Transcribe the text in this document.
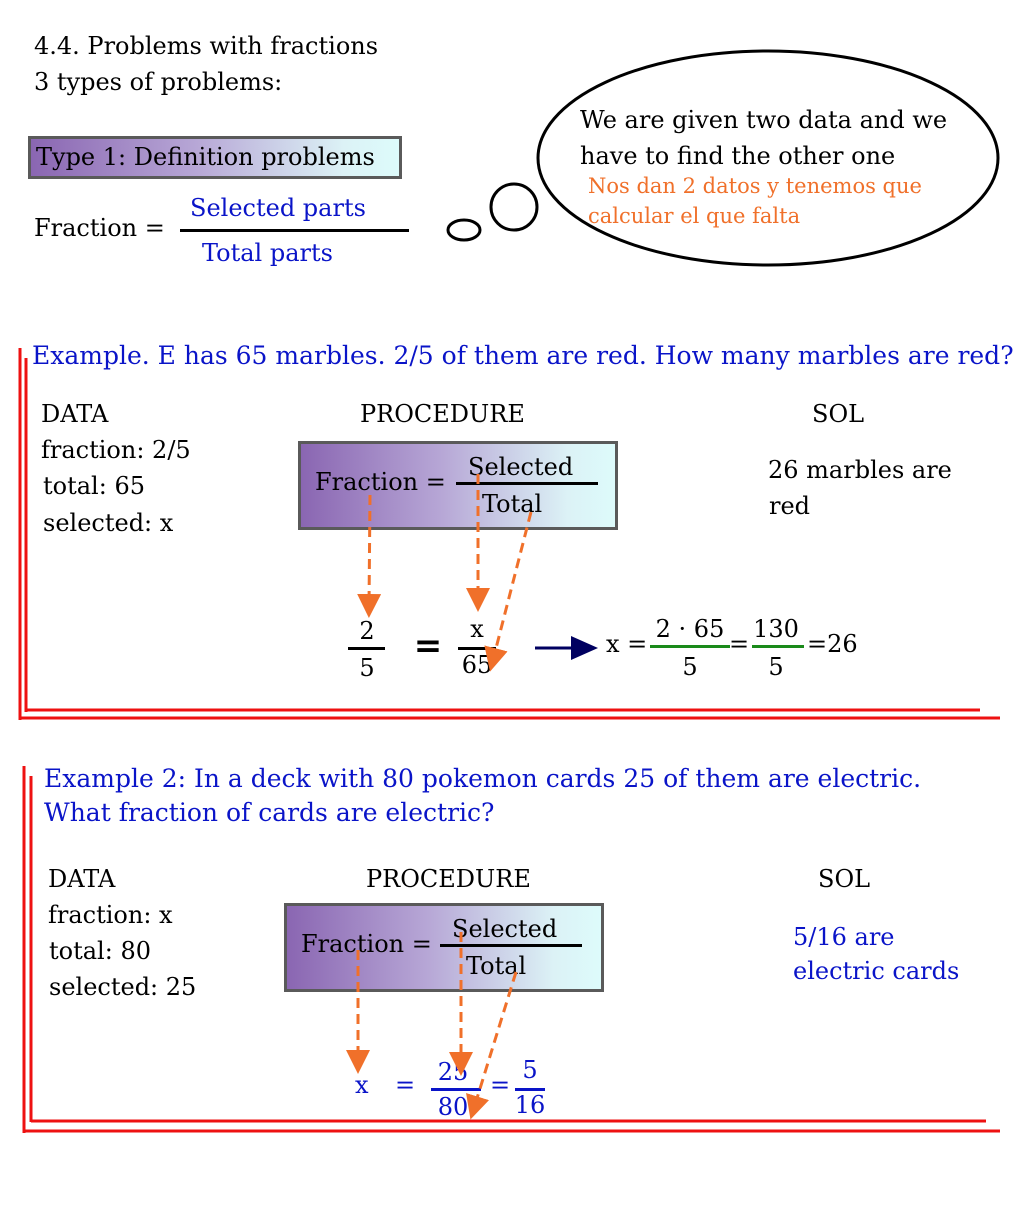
4.4. Problems with fractions
3 types of problems:
Type 1: Definition problems
Fraction =
Selected parts
Total parts
We are given two data and we
have to find the other one
Nos dan 2 datos y tenemos que
calcular el que falta
Example. E has 65 marbles. 2/5 of them are red. How many marbles are red?
DATA
fraction: 2/5
total: 65
selected: x
PROCEDURE	SOL
Fraction =
Selected
Total
26 marbles are
red
2
5
=	x
65
x =
2 · 65
5
=
130
5
=26
Example 2: In a deck with 80 pokemon cards 25 of them are electric.
What fraction of cards are electric?
DATA
fraction: x
total: 80
selected: 25
PROCEDURE	SOL
Fraction =
Selected
Total
5/16 are
electric cards
x = 25
80
=
5
16
